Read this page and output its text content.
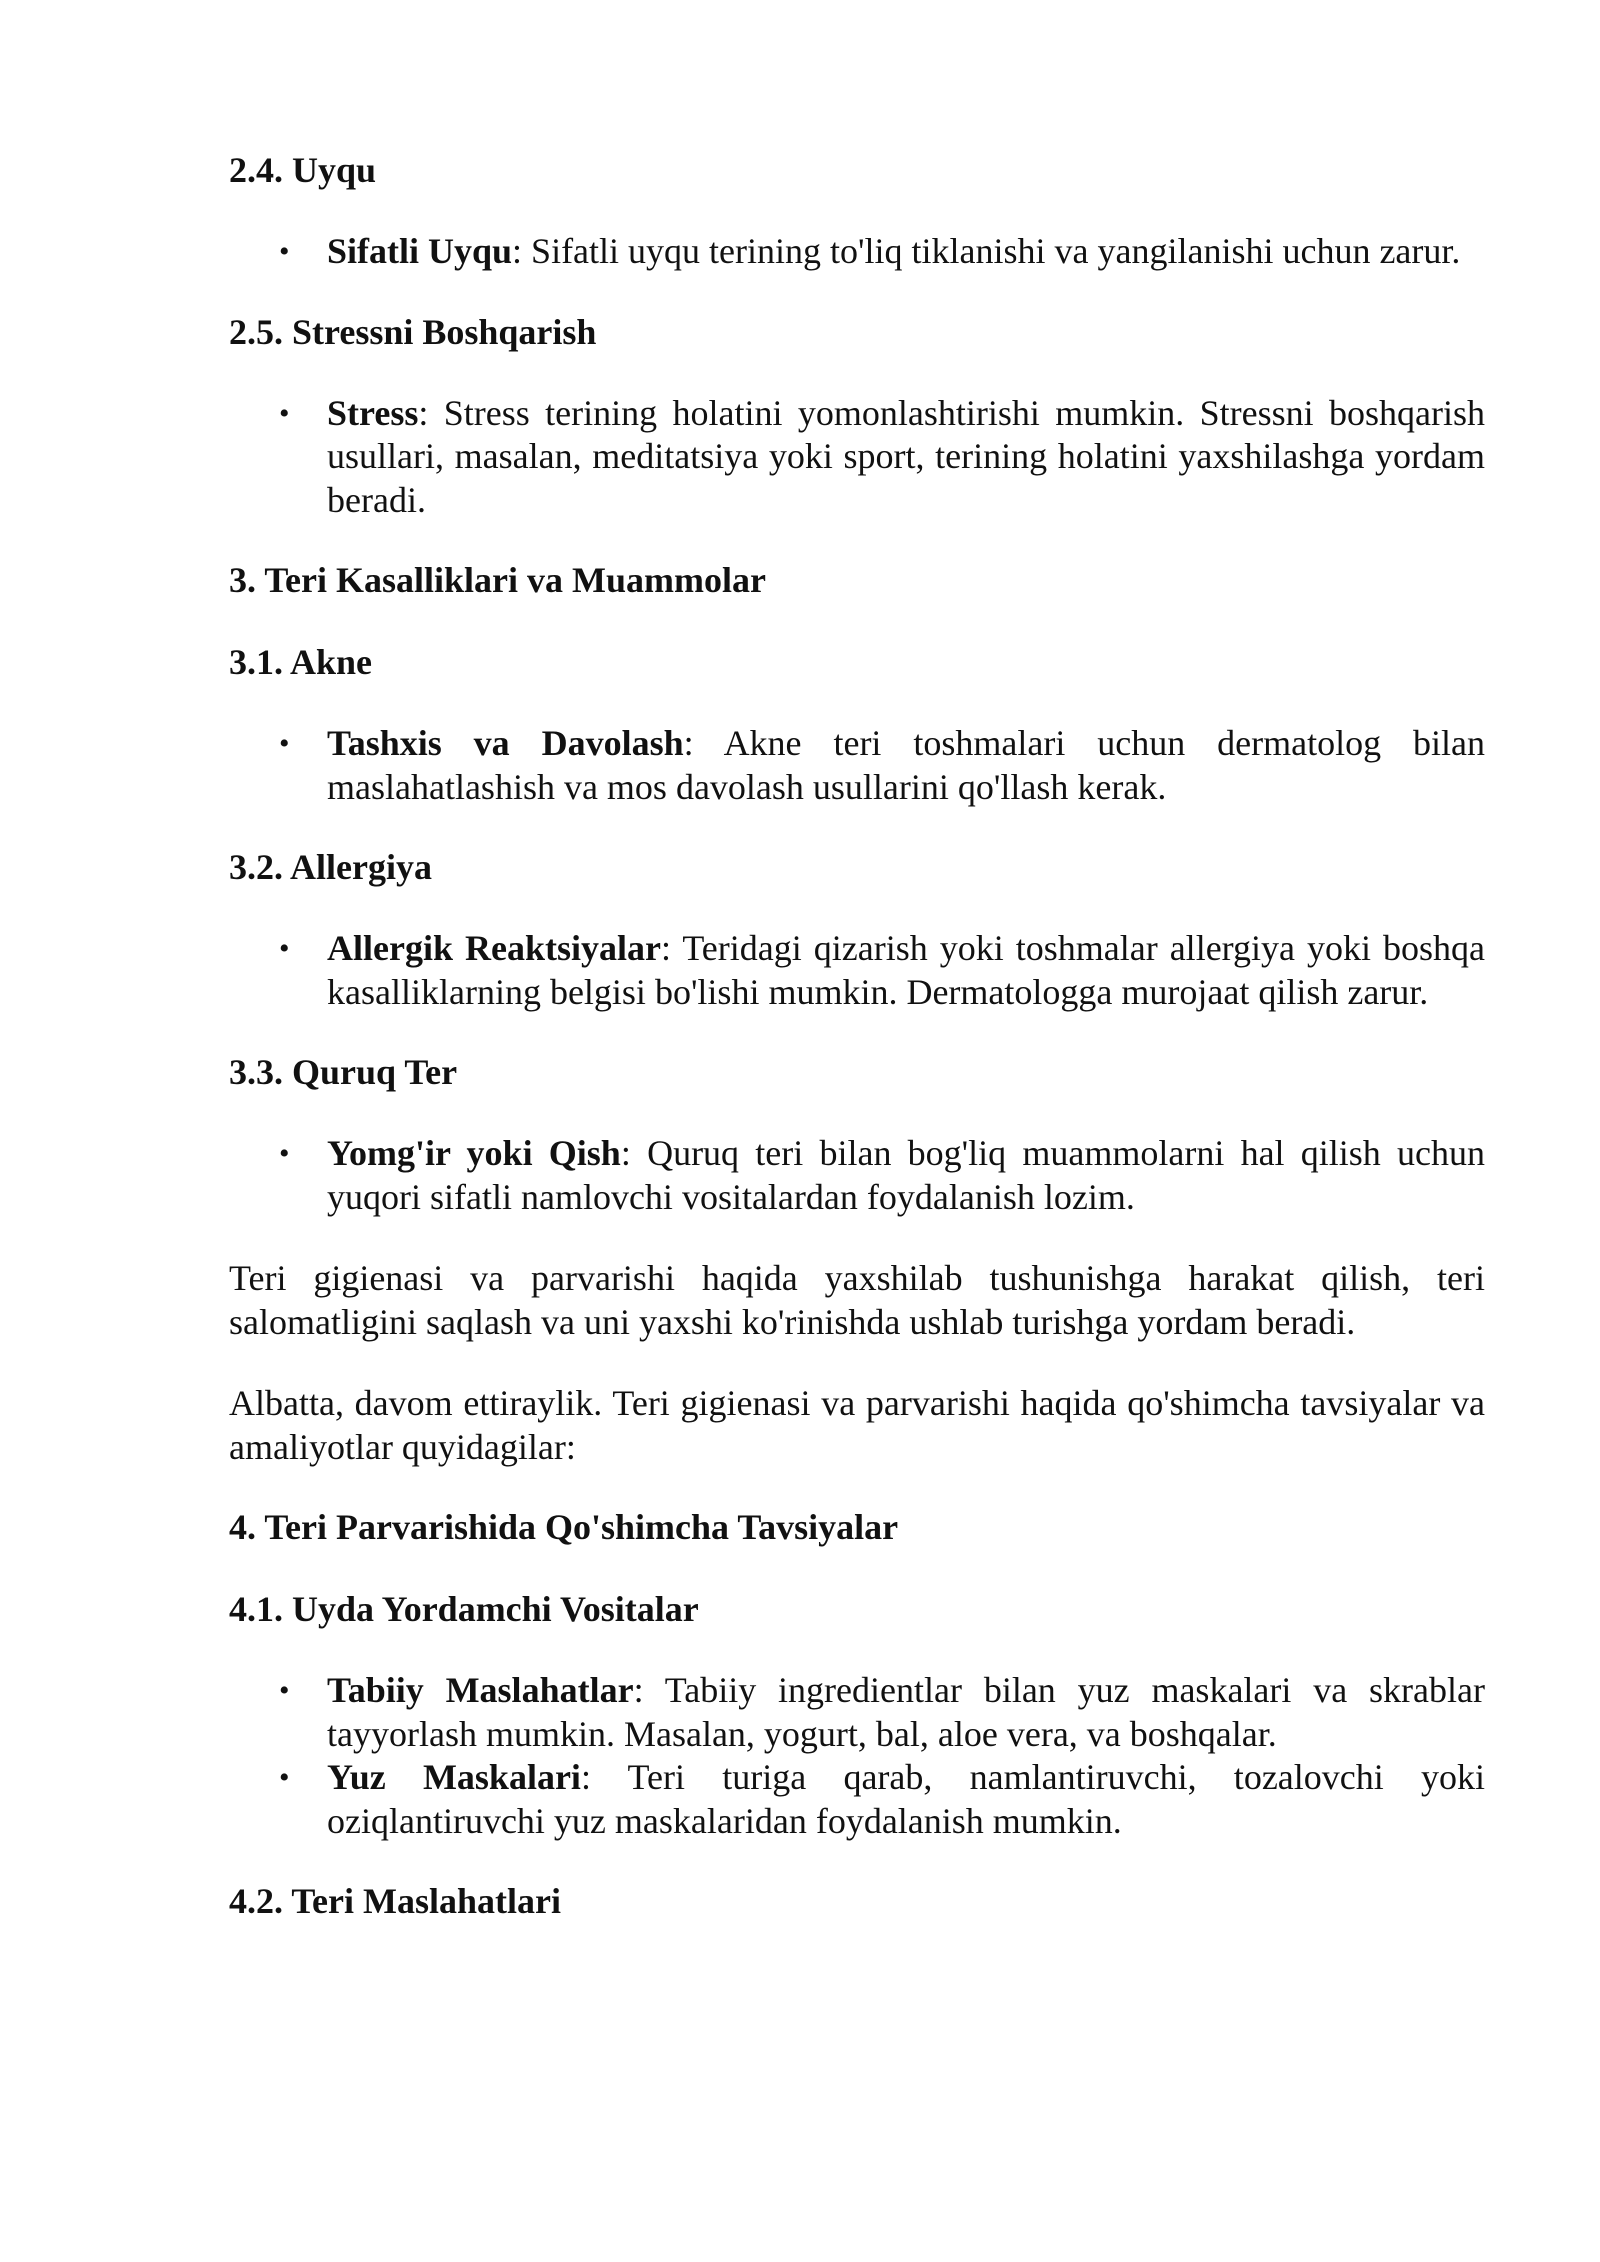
2.4. Uyqu
• Sifatli Uyqu: Sifatli uyqu terining to'liq tiklanishi va yangilanishi uchun zarur.
2.5. Stressni Boshqarish
• Stress: Stress terining holatini yomonlashtirishi mumkin. Stressni boshqarish usullari, masalan, meditatsiya yoki sport, terining holatini yaxshilashga yordam beradi.
3. Teri Kasalliklari va Muammolar
3.1. Akne
• Tashxis va Davolash: Akne teri toshmalari uchun dermatolog bilan maslahatlashish va mos davolash usullarini qo'llash kerak.
3.2. Allergiya
• Allergik Reaktsiyalar: Teridagi qizarish yoki toshmalar allergiya yoki boshqa kasalliklarning belgisi bo'lishi mumkin. Dermatologga murojaat qilish zarur.
3.3. Quruq Ter
• Yomg'ir yoki Qish: Quruq teri bilan bog'liq muammolarni hal qilish uchun yuqori sifatli namlovchi vositalardan foydalanish lozim.

Teri gigienasi va parvarishi haqida yaxshilab tushunishga harakat qilish, teri salomatligini saqlash va uni yaxshi ko'rinishda ushlab turishga yordam beradi.

Albatta, davom ettiraylik. Teri gigienasi va parvarishi haqida qo'shimcha tavsiyalar va amaliyotlar quyidagilar:

4. Teri Parvarishida Qo'shimcha Tavsiyalar
4.1. Uyda Yordamchi Vositalar
• Tabiiy Maslahatlar: Tabiiy ingredientlar bilan yuz maskalari va skrablar tayyorlash mumkin. Masalan, yogurt, bal, aloe vera, va boshqalar.
• Yuz Maskalari: Teri turiga qarab, namlantiruvchi, tozalovchi yoki oziqlantiruvchi yuz maskalaridan foydalanish mumkin.
4.2. Teri Maslahatlari
